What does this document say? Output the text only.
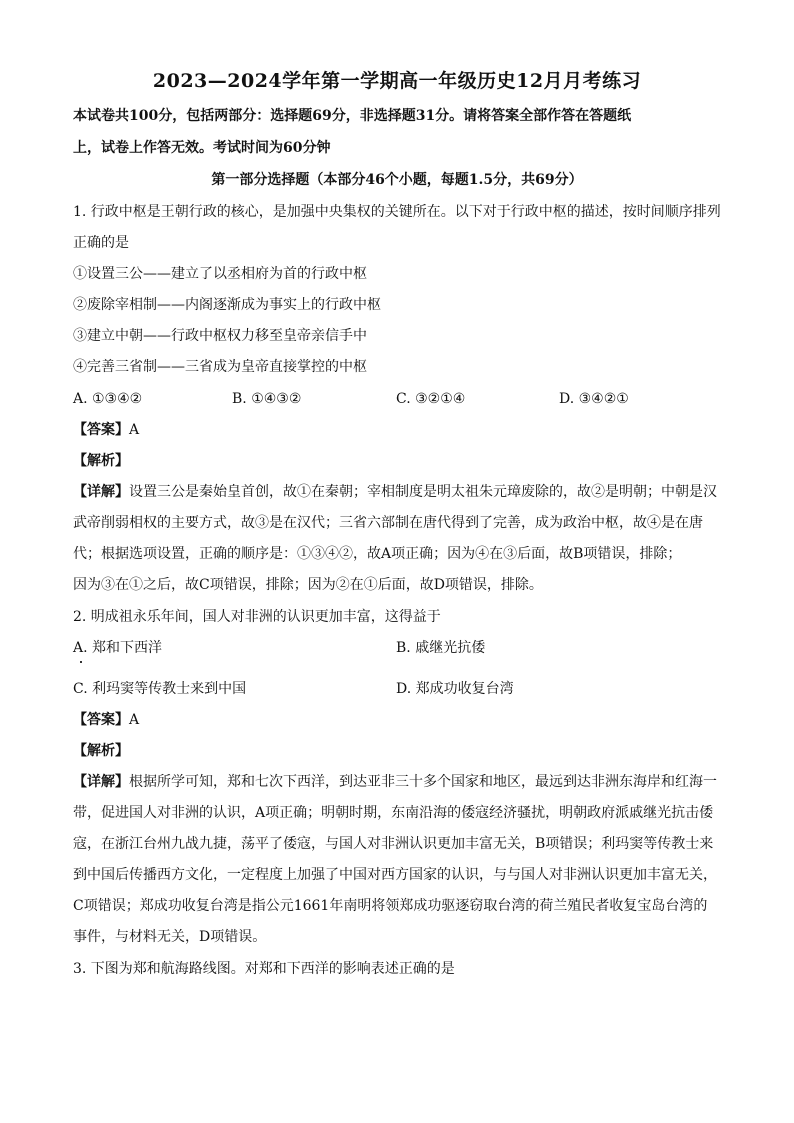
2023—2024学年第一学期高一年级历史12月月考练习
本试卷共100分，包括两部分：选择题69分，非选择题31分。请将答案全部作答在答题纸
上，试卷上作答无效。考试时间为60分钟
第一部分选择题（本部分46个小题，每题1.5分，共69分）
1. 行政中枢是王朝行政的核心，是加强中央集权的关键所在。以下对于行政中枢的描述，按时间顺序排列
正确的是
①设置三公——建立了以丞相府为首的行政中枢
②废除宰相制——内阁逐渐成为事实上的行政中枢
③建立中朝——行政中枢权力移至皇帝亲信手中
④完善三省制——三省成为皇帝直接掌控的中枢
A. ①③④②	B. ①④③②	C. ③②①④	D. ③④②①
【答案】A
【解析】
【详解】设置三公是秦始皇首创，故①在秦朝；宰相制度是明太祖朱元璋废除的，故②是明朝；中朝是汉
武帝削弱相权的主要方式，故③是在汉代；三省六部制在唐代得到了完善，成为政治中枢，故④是在唐
代；根据选项设置，正确的顺序是：①③④②，故A项正确；因为④在③后面，故B项错误，排除；
因为③在①之后，故C项错误，排除；因为②在①后面，故D项错误，排除。
2. 明成祖永乐年间，国人对非洲的认识更加丰富，这得益于
A. 郑和下西洋	B. 戚继光抗倭
C. 利玛窦等传教士来到中国	D. 郑成功收复台湾
【答案】A
【解析】
【详解】根据所学可知，郑和七次下西洋，到达亚非三十多个国家和地区，最远到达非洲东海岸和红海一
带，促进国人对非洲的认识，A项正确；明朝时期，东南沿海的倭寇经济骚扰，明朝政府派戚继光抗击倭
寇，在浙江台州九战九捷，荡平了倭寇，与国人对非洲认识更加丰富无关，B项错误；利玛窦等传教士来
到中国后传播西方文化，一定程度上加强了中国对西方国家的认识，与与国人对非洲认识更加丰富无关，
C项错误；郑成功收复台湾是指公元1661年南明将领郑成功驱逐窃取台湾的荷兰殖民者收复宝岛台湾的
事件，与材料无关，D项错误。
3. 下图为郑和航海路线图。对郑和下西洋的影响表述正确的是
